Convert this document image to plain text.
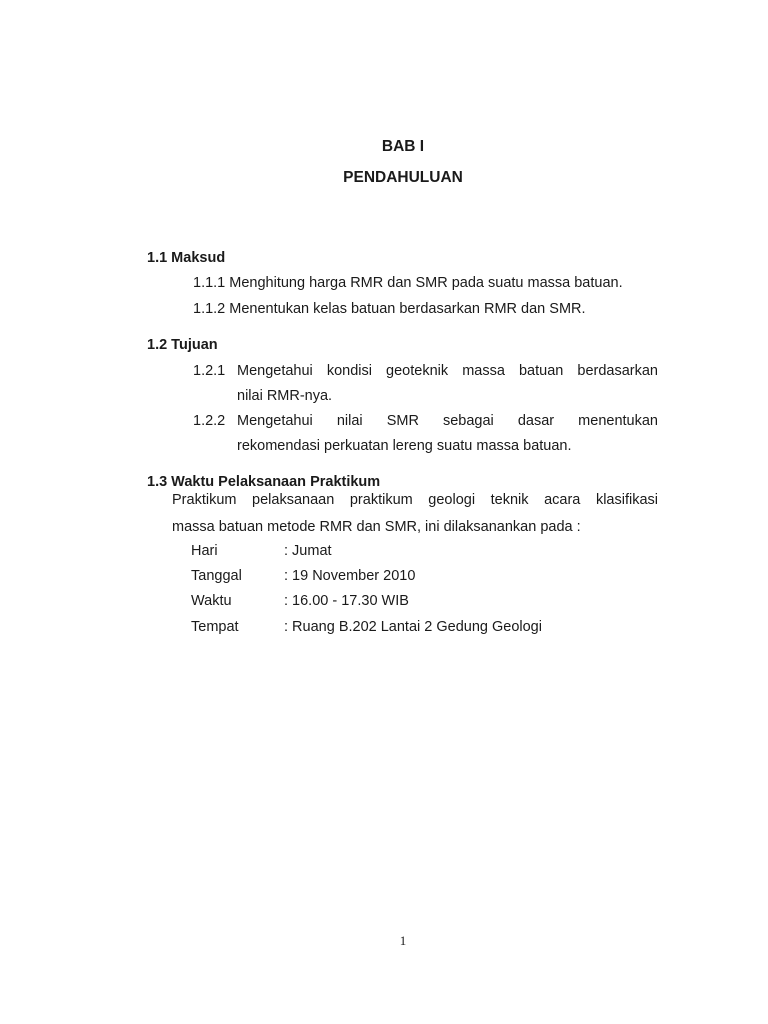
BAB I
PENDAHULUAN
1.1 Maksud
1.1.1 Menghitung harga RMR dan SMR pada suatu massa batuan.
1.1.2 Menentukan kelas batuan berdasarkan RMR dan SMR.
1.2 Tujuan
1.2.1 Mengetahui kondisi geoteknik massa batuan berdasarkan
nilai RMR-nya.
1.2.2 Mengetahui nilai SMR sebagai dasar menentukan
rekomendasi perkuatan lereng suatu massa batuan.
1.3 Waktu Pelaksanaan Praktikum
Praktikum pelaksanaan praktikum geologi teknik acara klasifikasi
massa batuan metode RMR dan SMR, ini dilaksanankan pada :
Hari	: Jumat
Tanggal	: 19 November 2010
Waktu	: 16.00 - 17.30 WIB
Tempat	: Ruang B.202 Lantai 2 Gedung Geologi
1
